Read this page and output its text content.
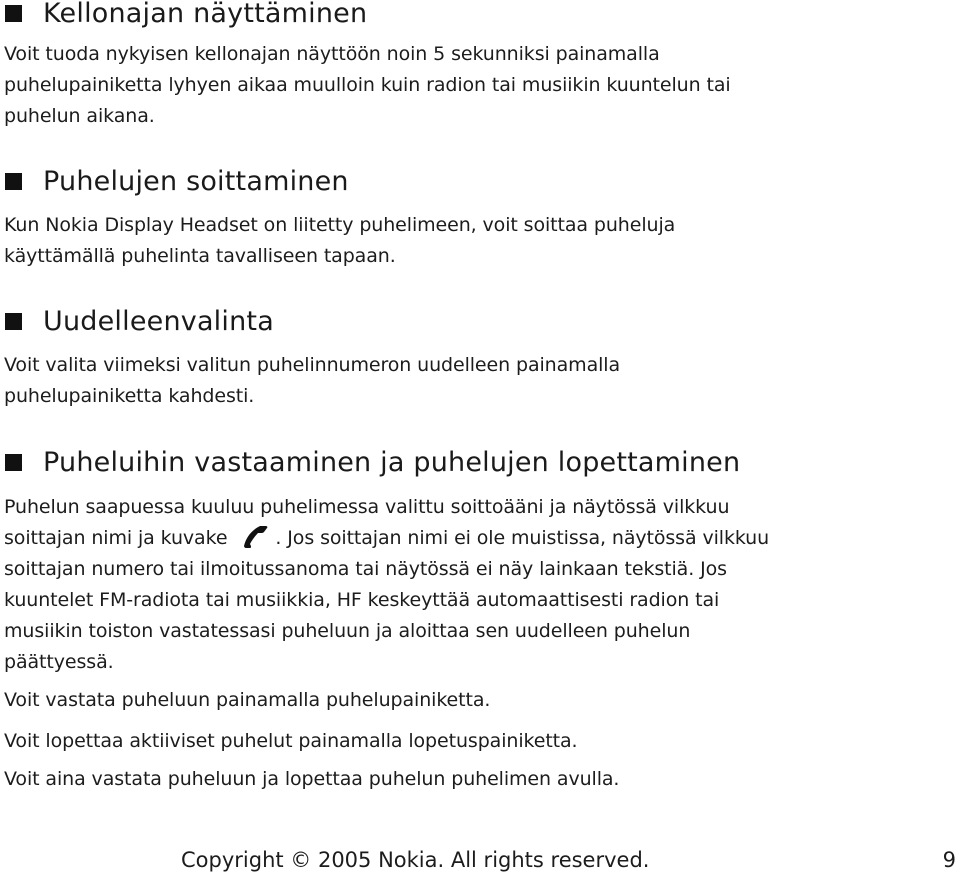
Kellonajan näyttäminen
Voit tuoda nykyisen kellonajan näyttöön noin 5 sekunniksi painamalla
puhelupainiketta lyhyen aikaa muulloin kuin radion tai musiikin kuuntelun tai
puhelun aikana.
Puhelujen soittaminen
Kun Nokia Display Headset on liitetty puhelimeen, voit soittaa puheluja
käyttämällä puhelinta tavalliseen tapaan.
Uudelleenvalinta
Voit valita viimeksi valitun puhelinnumeron uudelleen painamalla
puhelupainiketta kahdesti.
Puheluihin vastaaminen ja puhelujen lopettaminen
Puhelun saapuessa kuuluu puhelimessa valittu soittoääni ja näytössä vilkkuu
soittajan nimi ja kuvake	. Jos soittajan nimi ei ole muistissa, näytössä vilkkuu
soittajan numero tai ilmoitussanoma tai näytössä ei näy lainkaan tekstiä. Jos
kuuntelet FM-radiota tai musiikkia, HF keskeyttää automaattisesti radion tai
musiikin toiston vastatessasi puheluun ja aloittaa sen uudelleen puhelun
päättyessä.
Voit vastata puheluun painamalla puhelupainiketta.
Voit lopettaa aktiiviset puhelut painamalla lopetuspainiketta.
Voit aina vastata puheluun ja lopettaa puhelun puhelimen avulla.
Copyright © 2005 Nokia. All rights reserved.	9
